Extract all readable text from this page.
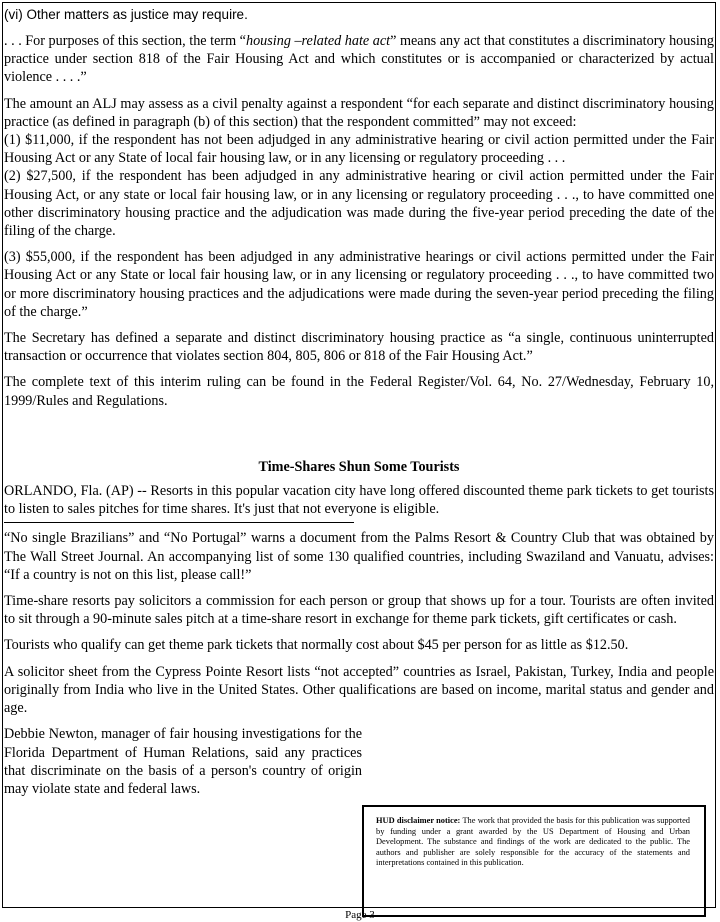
(vi) Other matters as justice may require.

. . . For purposes of this section, the term “housing –related hate act” means any act that constitutes a discriminatory housing practice under section 818 of the Fair Housing Act and which constitutes or is accompanied or characterized by actual violence . . . .”

The amount an ALJ may assess as a civil penalty against a respondent “for each separate and distinct discriminatory housing practice (as defined in paragraph (b) of this section) that the respondent committed” may not exceed:

(1) $11,000, if the respondent has not been adjudged in any administrative hearing or civil action permitted under the Fair Housing Act or any State of local fair housing law, or in any licensing or regulatory proceeding . . .

(2) $27,500, if the respondent has been adjudged in any administrative hearing or civil action permitted under the Fair Housing Act, or any state or local fair housing law, or in any licensing or regulatory proceeding . . ., to have committed one other discriminatory housing practice and the adjudication was made during the five-year period preceding the date of the filing of the charge.

(3) $55,000, if the respondent has been adjudged in any administrative hearings or civil actions permitted under the Fair Housing Act or any State or local fair housing law, or in any licensing or regulatory proceeding . . ., to have committed two or more discriminatory housing practices and the adjudications were made during the seven-year period preceding the filing of the charge.”

The Secretary has defined a separate and distinct discriminatory housing practice as “a single, continuous uninterrupted transaction or occurrence that violates section 804, 805, 806 or 818 of the Fair Housing Act.”

The complete text of this interim ruling can be found in the Federal Register/Vol. 64, No. 27/Wednesday, February 10, 1999/Rules and Regulations.

Time-Shares Shun Some Tourists

ORLANDO, Fla. (AP) -- Resorts in this popular vacation city have long offered discounted theme park tickets to get tourists to listen to sales pitches for time shares. It's just that not everyone is eligible.

“No single Brazilians” and “No Portugal” warns a document from the Palms Resort & Country Club that was obtained by The Wall Street Journal. An accompanying list of some 130 qualified countries, including Swaziland and Vanuatu, advises: “If a country is not on this list, please call!”

Time-share resorts pay solicitors a commission for each person or group that shows up for a tour. Tourists are often invited to sit through a 90-minute sales pitch at a time-share resort in exchange for theme park tickets, gift certificates or cash.

Tourists who qualify can get theme park tickets that normally cost about $45 per person for as little as $12.50.

A solicitor sheet from the Cypress Pointe Resort lists “not accepted” countries as Israel, Pakistan, Turkey, India and people originally from India who live in the United States. Other qualifications are based on income, marital status and gender and age.

Debbie Newton, manager of fair housing investigations for the Florida Department of Human Relations, said any practices that discriminate on the basis of a person's country of origin may violate state and federal laws.

HUD disclaimer notice: The work that provided the basis for this publication was supported by funding under a grant awarded by the US Department of Housing and Urban Development. The substance and findings of the work are dedicated to the public. The authors and publisher are solely responsible for the accuracy of the statements and interpretations contained in this publication.

Page 3
